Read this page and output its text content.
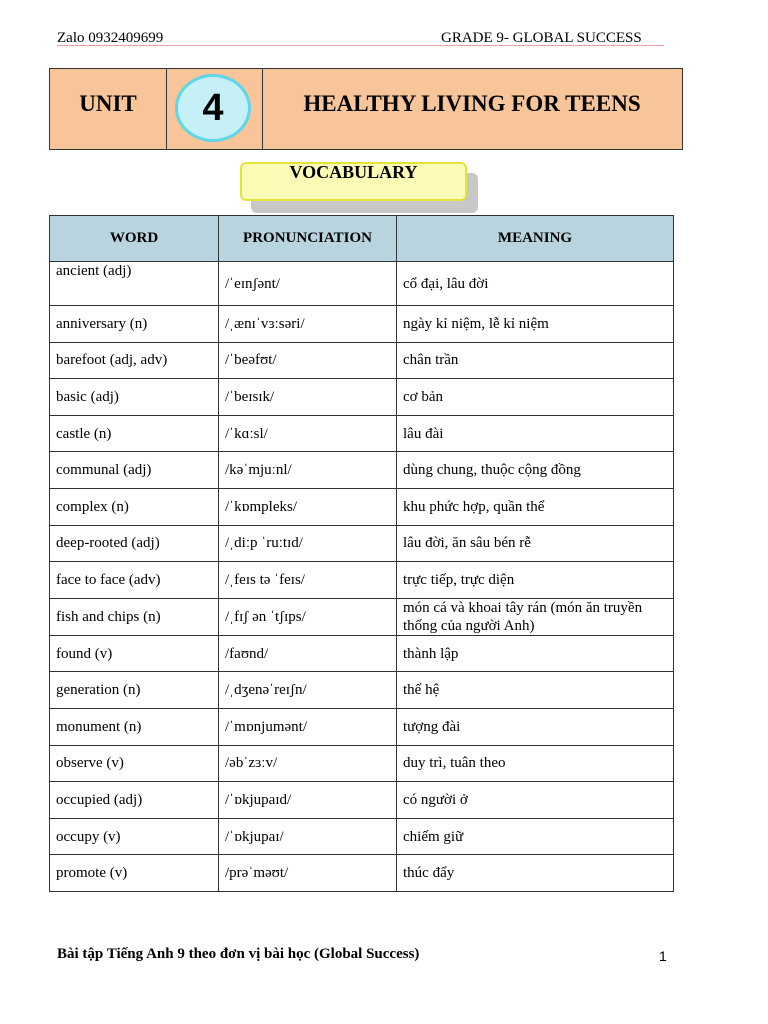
Zalo 0932409699	GRADE 9- GLOBAL SUCCESS
UNIT	4	HEALTHY LIVING FOR TEENS
VOCABULARY
WORD	PRONUNCIATION	MEANING
ancient (adj)	/ˈeɪnʃənt/	cổ đại, lâu đời
anniversary (n)	/ˌænɪˈvɜːsəri/	ngày kỉ niệm, lễ kỉ niệm
barefoot (adj, adv)	/ˈbeəfʊt/	chân trần
basic (adj)	/ˈbeɪsɪk/	cơ bản
castle (n)	/ˈkɑːsl/	lâu đài
communal (adj)	/kəˈmjuːnl/	dùng chung, thuộc cộng đồng
complex (n)	/ˈkɒmpleks/	khu phức hợp, quần thể
deep-rooted (adj)	/ˌdiːp ˈruːtɪd/	lâu đời, ăn sâu bén rễ
face to face (adv)	/ˌfeɪs tə ˈfeɪs/	trực tiếp, trực diện
fish and chips (n)	/ˌfɪʃ ən ˈtʃɪps/	món cá và khoai tây rán (món ăn truyền thống của người Anh)
found (v)	/faʊnd/	thành lập
generation (n)	/ˌdʒenəˈreɪʃn/	thế hệ
monument (n)	/ˈmɒnjumənt/	tượng đài
observe (v)	/əbˈzɜːv/	duy trì, tuân theo
occupied (adj)	/ˈɒkjupaɪd/	có người ở
occupy (v)	/ˈɒkjupaɪ/	chiếm giữ
promote (v)	/prəˈməʊt/	thúc đẩy
Bài tập Tiếng Anh 9 theo đơn vị bài học (Global Success)	1
